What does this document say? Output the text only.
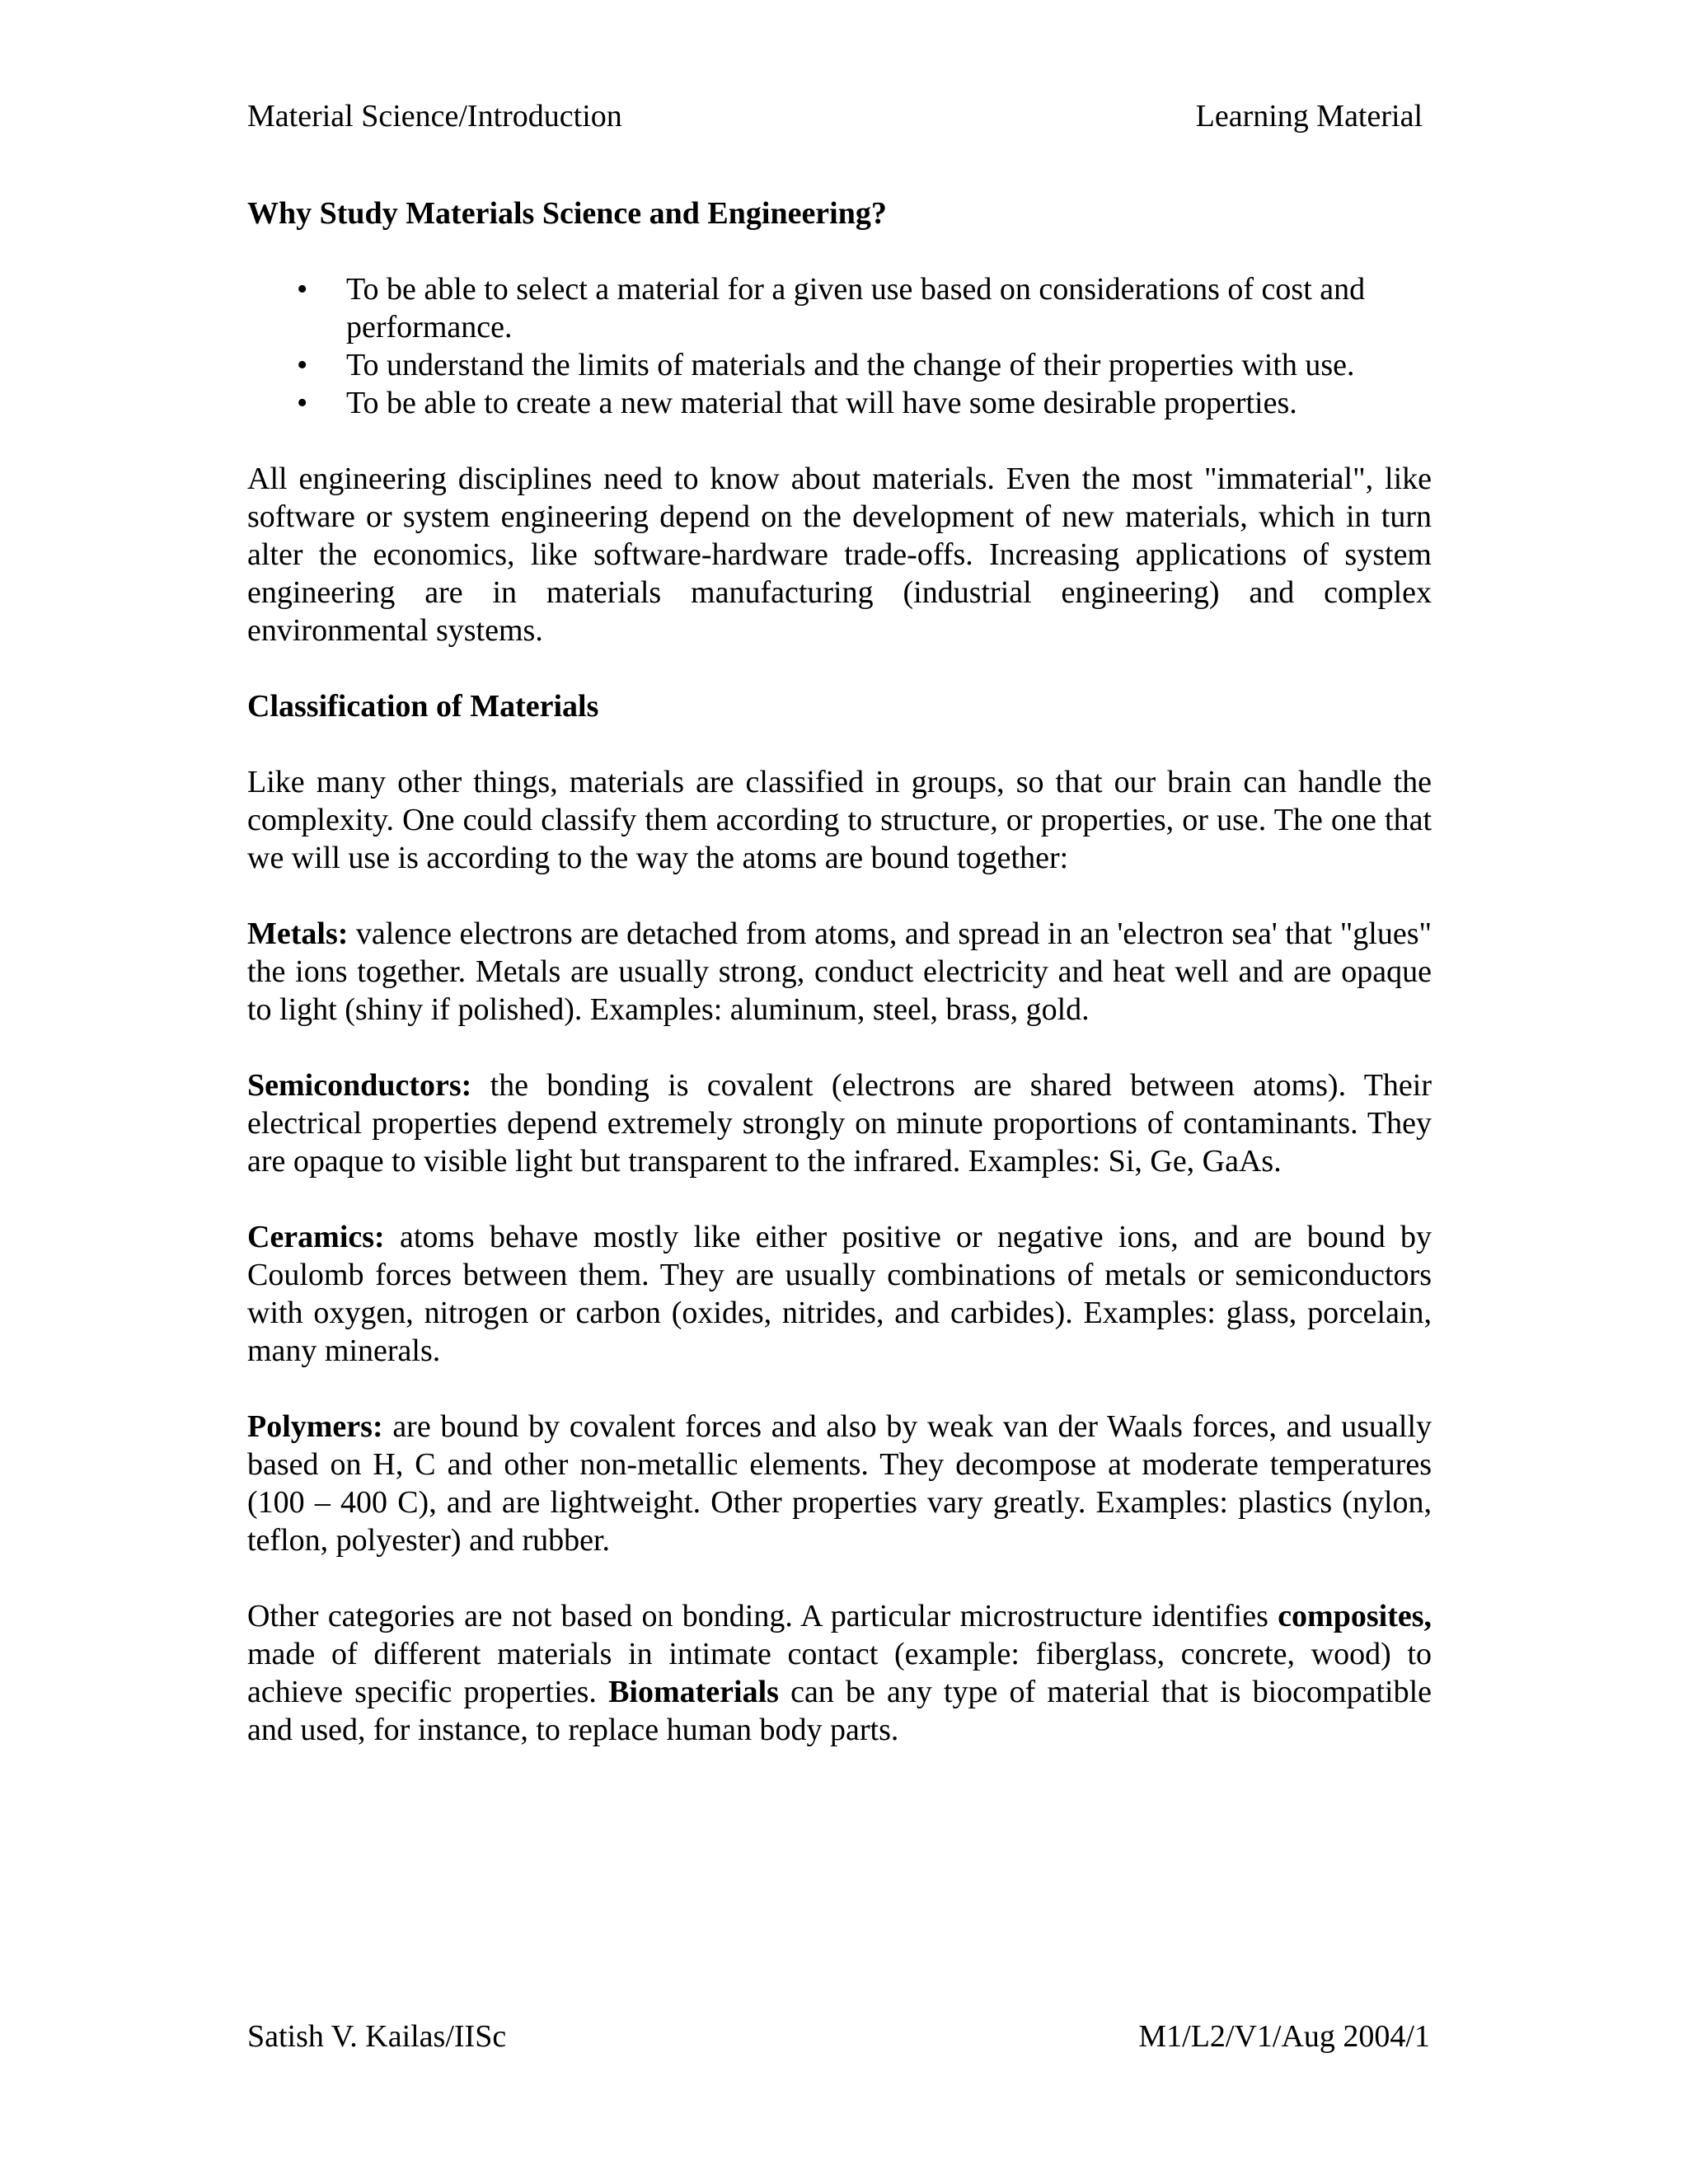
Material Science/Introduction	Learning Material
Why Study Materials Science and Engineering?
• To be able to select a material for a given use based on considerations of cost and performance.
• To understand the limits of materials and the change of their properties with use.
• To be able to create a new material that will have some desirable properties.

All engineering disciplines need to know about materials. Even the most "immaterial", like software or system engineering depend on the development of new materials, which in turn alter the economics, like software-hardware trade-offs. Increasing applications of system engineering are in materials manufacturing (industrial engineering) and complex environmental systems.

Classification of Materials

Like many other things, materials are classified in groups, so that our brain can handle the complexity. One could classify them according to structure, or properties, or use. The one that we will use is according to the way the atoms are bound together:

Metals: valence electrons are detached from atoms, and spread in an 'electron sea' that "glues" the ions together. Metals are usually strong, conduct electricity and heat well and are opaque to light (shiny if polished). Examples: aluminum, steel, brass, gold.

Semiconductors: the bonding is covalent (electrons are shared between atoms). Their electrical properties depend extremely strongly on minute proportions of contaminants. They are opaque to visible light but transparent to the infrared. Examples: Si, Ge, GaAs.

Ceramics: atoms behave mostly like either positive or negative ions, and are bound by Coulomb forces between them. They are usually combinations of metals or semiconductors with oxygen, nitrogen or carbon (oxides, nitrides, and carbides). Examples: glass, porcelain, many minerals.

Polymers: are bound by covalent forces and also by weak van der Waals forces, and usually based on H, C and other non-metallic elements. They decompose at moderate temperatures (100 – 400 C), and are lightweight. Other properties vary greatly. Examples: plastics (nylon, teflon, polyester) and rubber.

Other categories are not based on bonding. A particular microstructure identifies composites, made of different materials in intimate contact (example: fiberglass, concrete, wood) to achieve specific properties. Biomaterials can be any type of material that is biocompatible and used, for instance, to replace human body parts.

Satish V. Kailas/IISc	M1/L2/V1/Aug 2004/1
